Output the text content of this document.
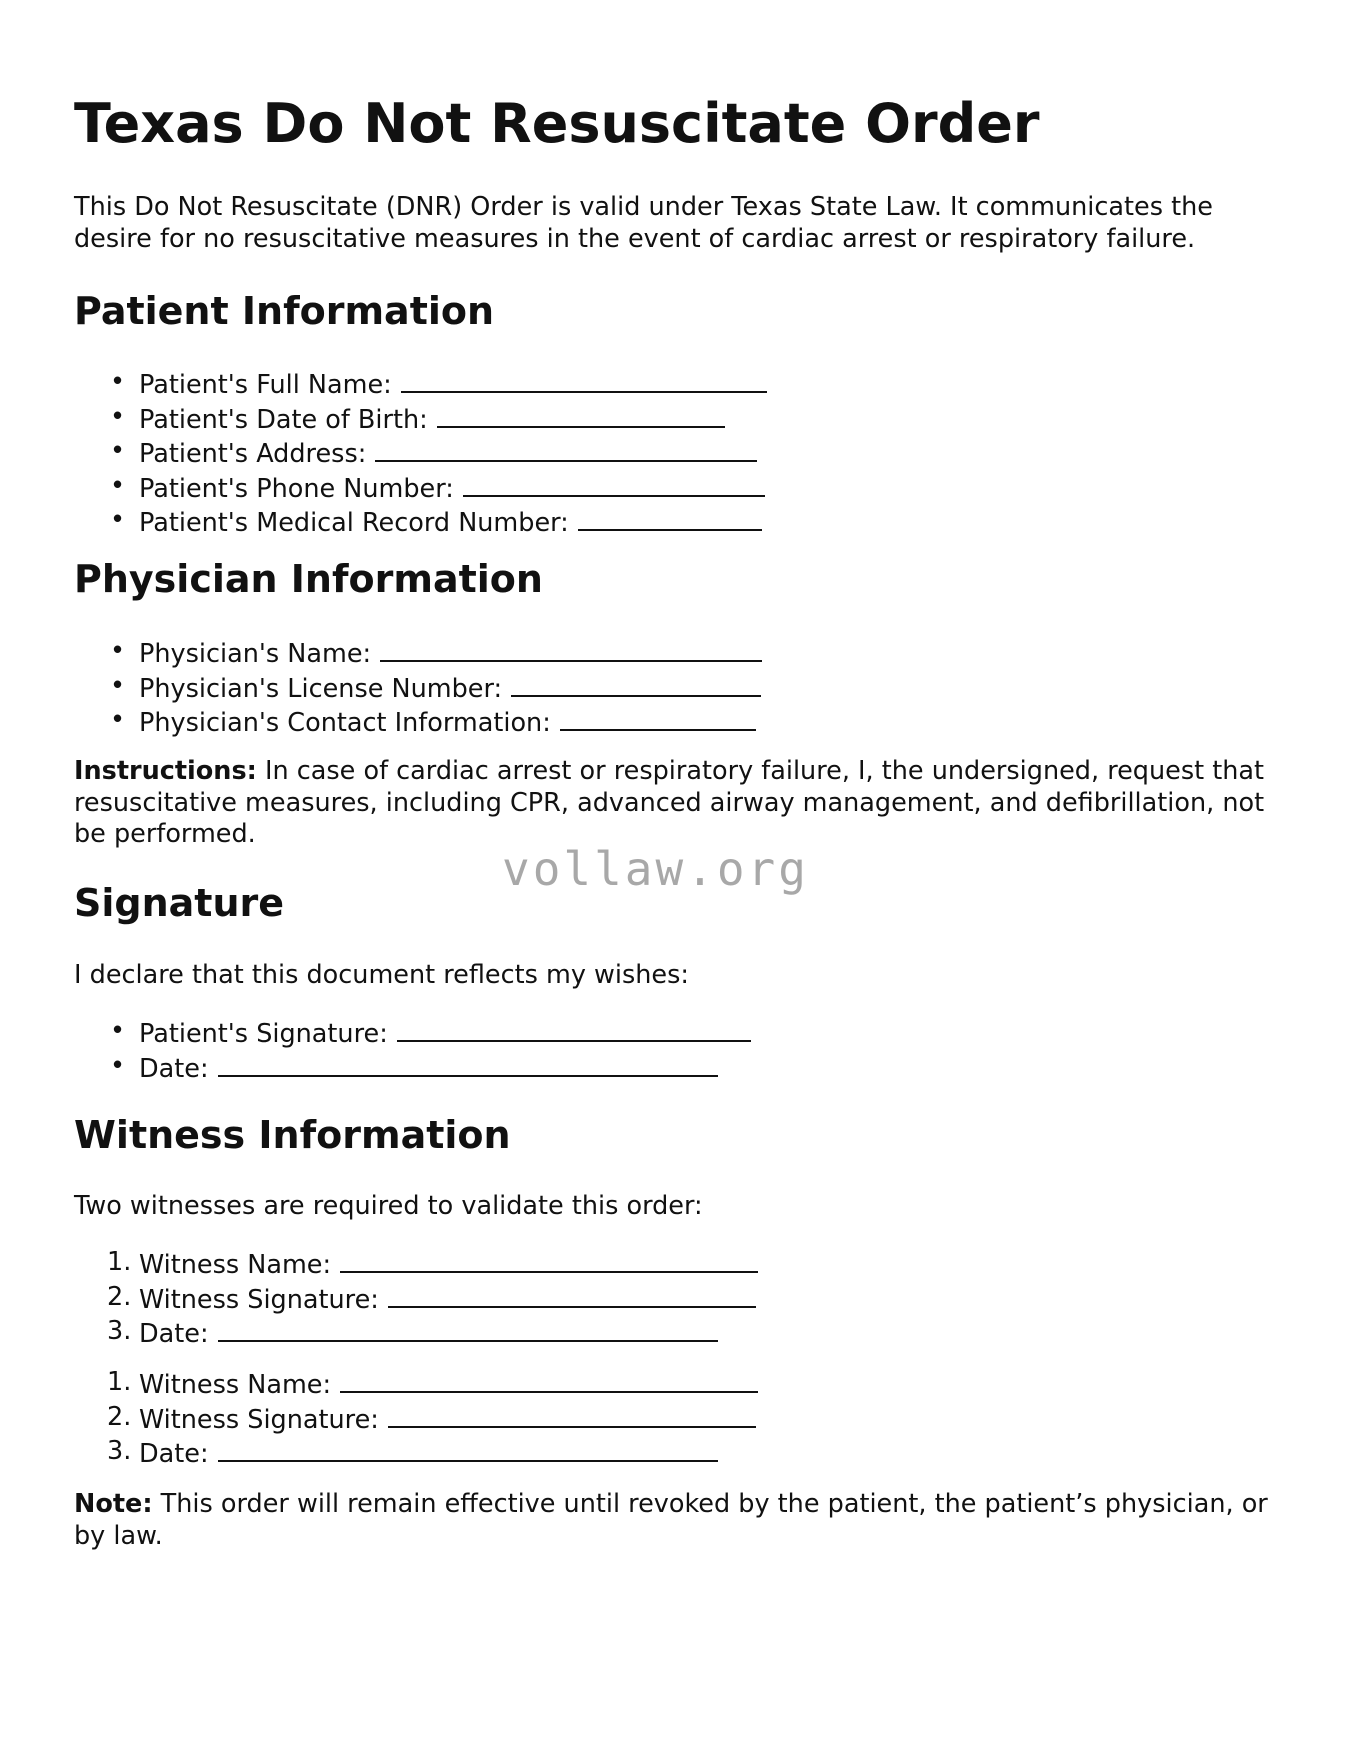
Texas Do Not Resuscitate Order

This Do Not Resuscitate (DNR) Order is valid under Texas State Law. It communicates the desire for no resuscitative measures in the event of cardiac arrest or respiratory failure.

Patient Information
• Patient's Full Name:
• Patient's Date of Birth:
• Patient's Address:
• Patient's Phone Number:
• Patient's Medical Record Number:
Physician Information
• Physician's Name:
• Physician's License Number:
• Physician's Contact Information:

Instructions: In case of cardiac arrest or respiratory failure, I, the undersigned, request that resuscitative measures, including CPR, advanced airway management, and defibrillation, not be performed.

Signature

I declare that this document reflects my wishes:

• Patient's Signature:
• Date:
Witness Information

Two witnesses are required to validate this order:

1. Witness Name:
2. Witness Signature:
3. Date:
1. Witness Name:
2. Witness Signature:
3. Date:

Note: This order will remain effective until revoked by the patient, the patient’s physician, or by law.

vollaw.org
